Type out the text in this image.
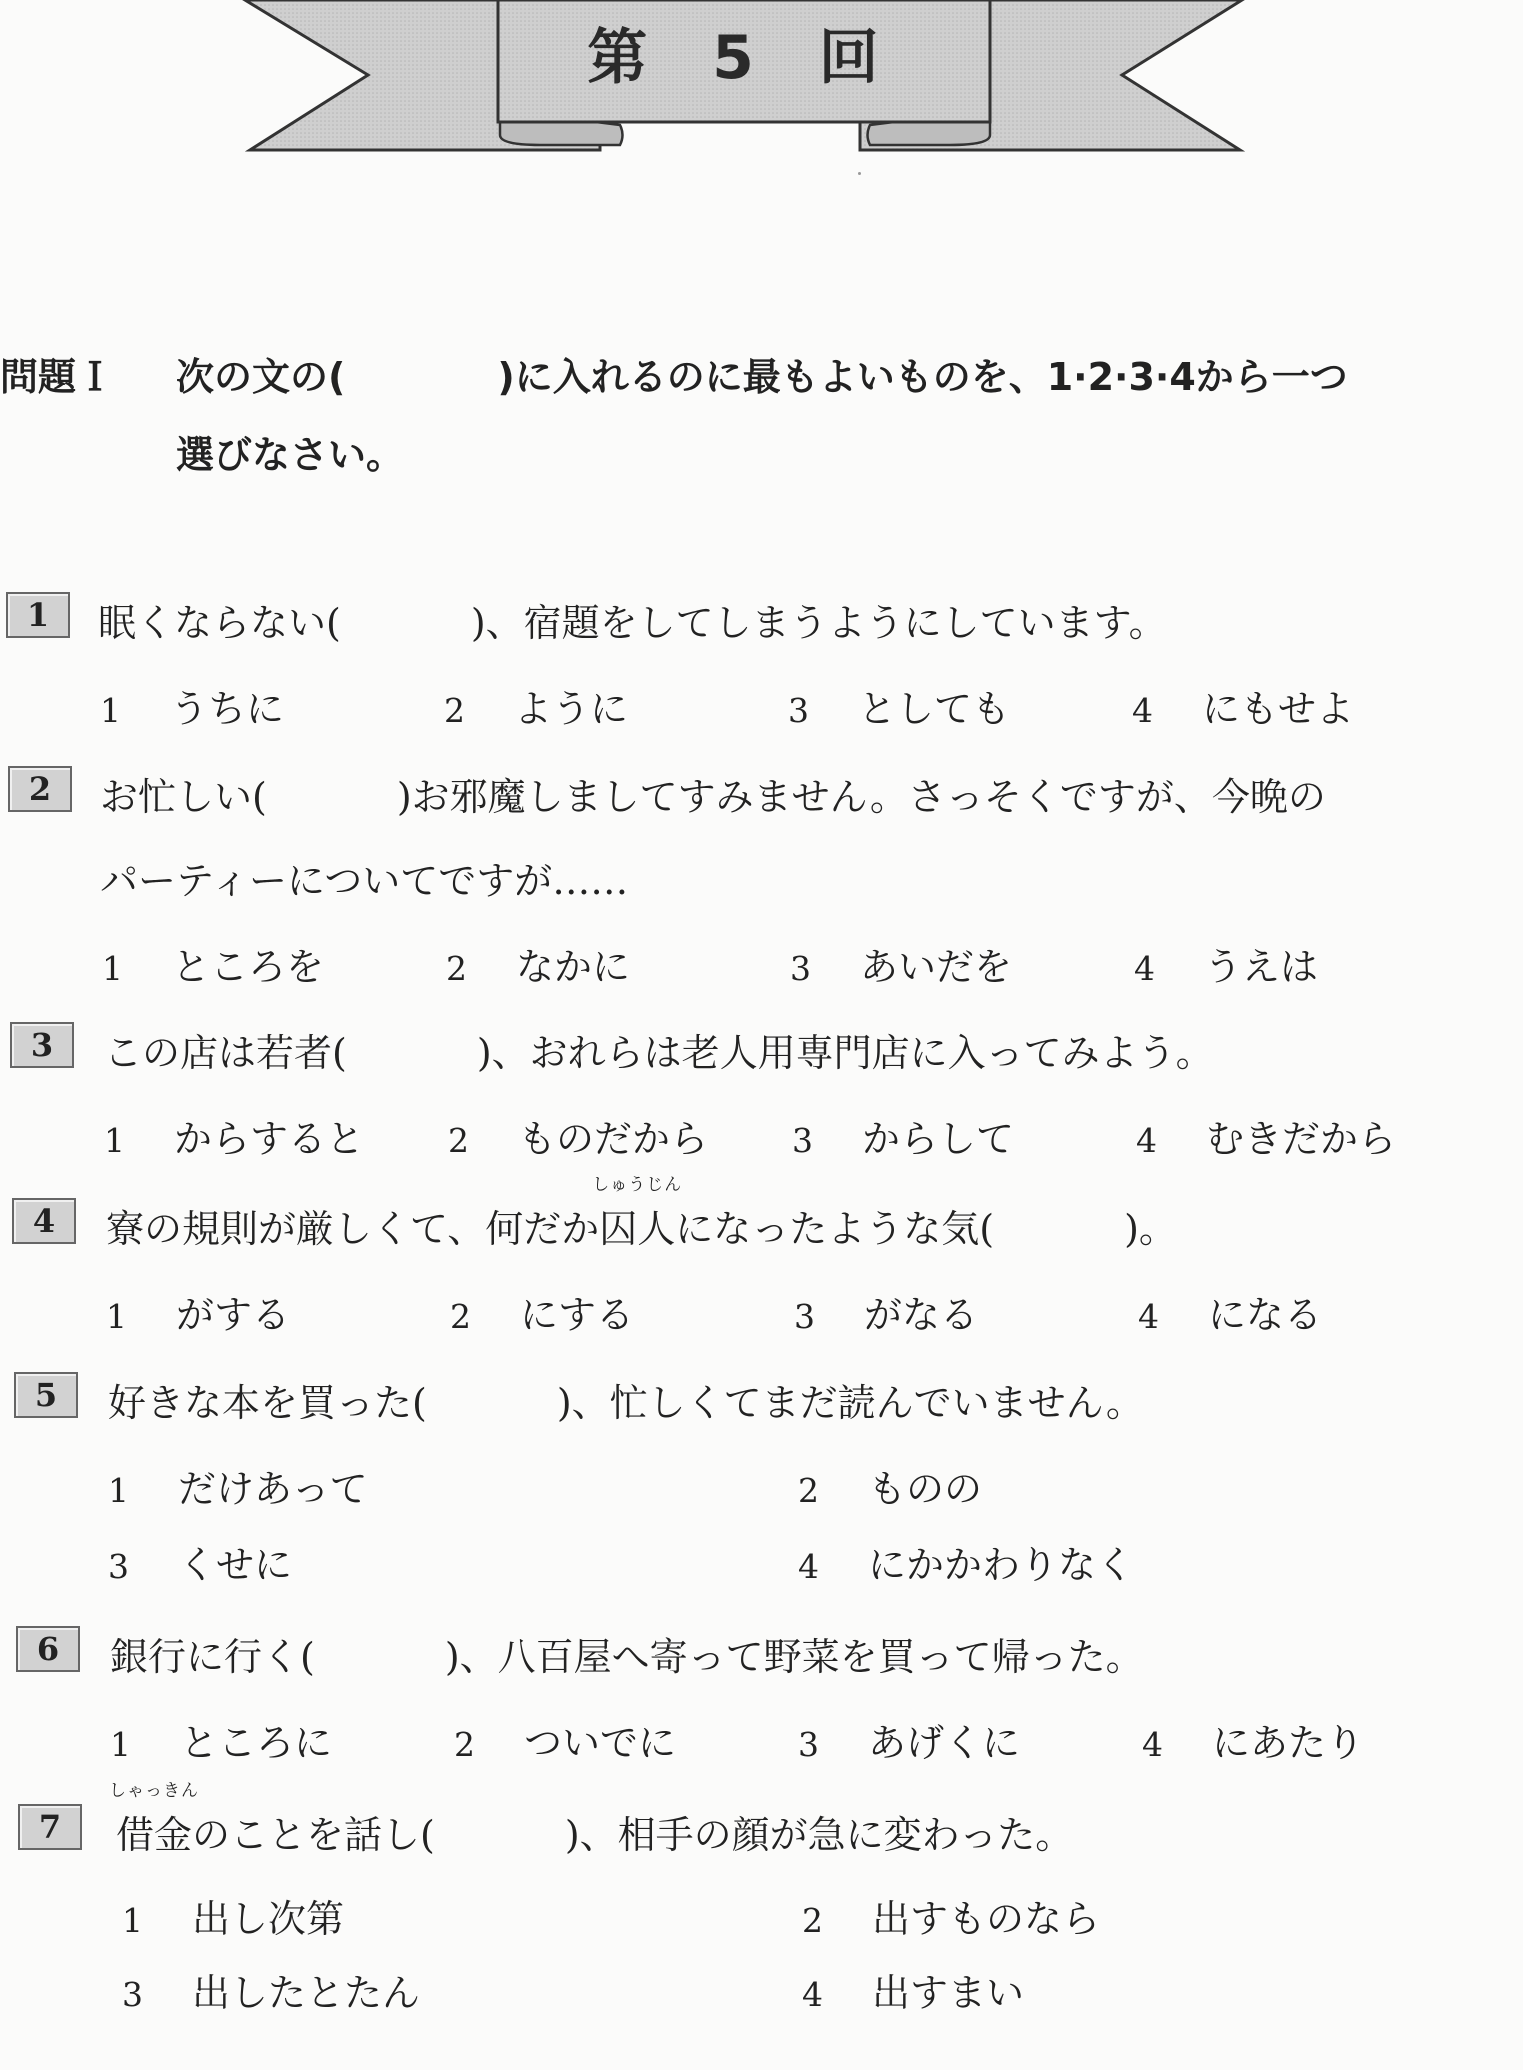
第 5 回
問題Ｉ 次の文の(　　　　)に入れるのに最もよいものを、1·2·3·4から一つ
選びなさい。
1	眠くならない(	)、宿題をしてしまうようにしています。
1 うちに	2 ように	3 としても	4 にもせよ
2	お忙しい(	)お邪魔しましてすみません。さっそくですが、今晩の
パーティーについてですが……
1 ところを	2 なかに	3 あいだを	4 うえは
3	この店は若者(	)、おれらは老人用専門店に入ってみよう。
1 からすると	2 ものだから	3 からして	4 むきだから
4	寮の規則が厳しくて、何だか
しゅうじん
囚人になったような気(	)。
1 がする	2 にする	3 がなる	4 になる
5	好きな本を買った(	)、忙しくてまだ読んでいません。
1 だけあって	2 ものの
3 くせに	4 にかかわりなく
6	銀行に行く(	)、八百屋へ寄って野菜を買って帰った。
1 ところに	2 ついでに	3 あげくに	4 にあたり
7
しゃっきん
借金のことを話し(	)、相手の顔が急に変わった。
1 出し次第	2 出すものなら
3 出したとたん	4 出すまい
